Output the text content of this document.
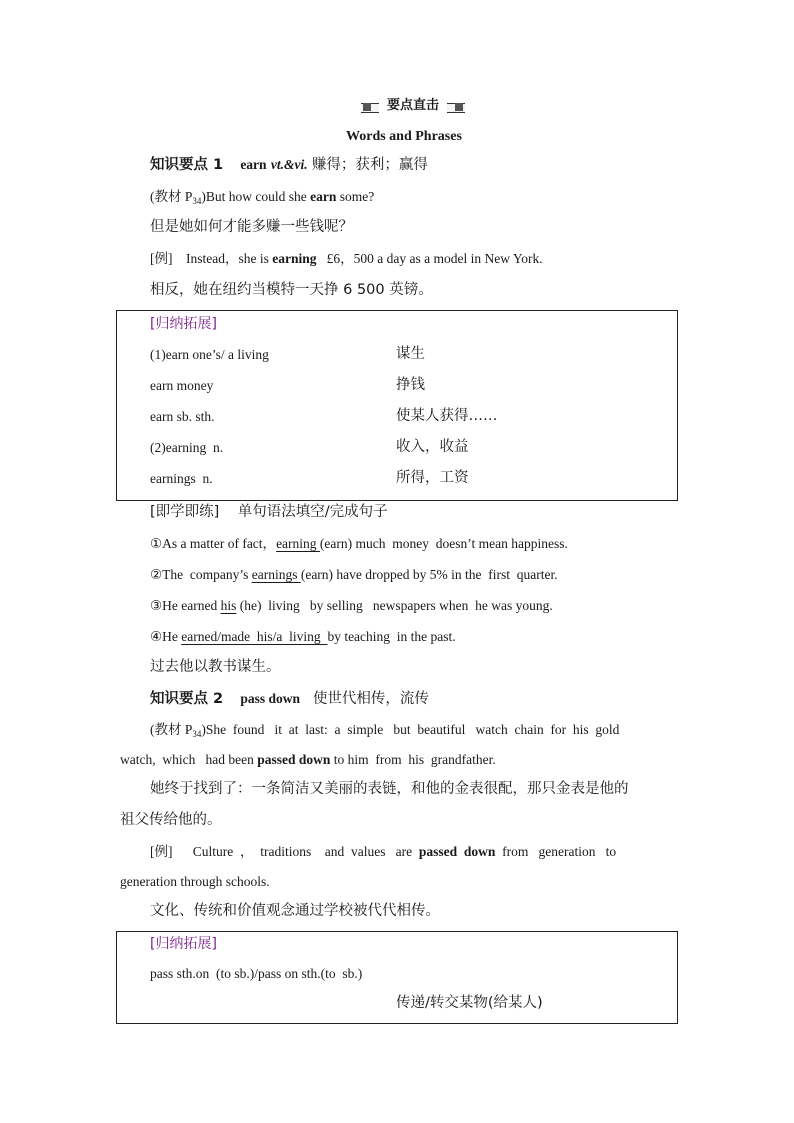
要点直击
Words and Phrases
知识要点 1 earn vt.&vi. 赚得；获利；赢得
(教材 $P_{34})But$ how could she earn some?
但是她如何才能多赚一些钱呢？
[例] Instead，she is earning £6，500 a day as a model in New York.
相反，她在纽约当模特一天挣 6 500 英镑。
[归纳拓展]
(1)earn one’s/ a living	谋生
earn money	挣钱
earn sb. sth.	使某人获得……
(2)earning  n.	收入，收益
earnings  n.	所得，工资
[即学即练] 单句语法填空/完成句子
①As a matter of fact，earning (earn) much  money  doesn’t mean happiness.
②The  company’s earnings (earn) have dropped by 5% in the  first  quarter.
③He earned his (he)  living   by selling   newspapers when  he was young.
④He earned/made  his/a  living  by teaching  in the past.
过去他以教书谋生。
知识要点 2 pass down 使世代相传，流传
(教材 $P_{34})She$  found   it  at  last:  a  simple   but  beautiful   watch  chain  for  his  gold
watch,  which   had been passed down to him  from  his  grandfather.
她终于找到了：一条简洁又美丽的表链，和他的金表很配，那只金表是他的
祖父传给他的。
[例] Culture  ，  traditions    and  values   are  passed  down  from   generation   to
generation through schools.
文化、传统和价值观念通过学校被代代相传。
[归纳拓展]
pass sth.on  (to sb.)/pass on sth.(to  sb.)
传递/转交某物(给某人)
